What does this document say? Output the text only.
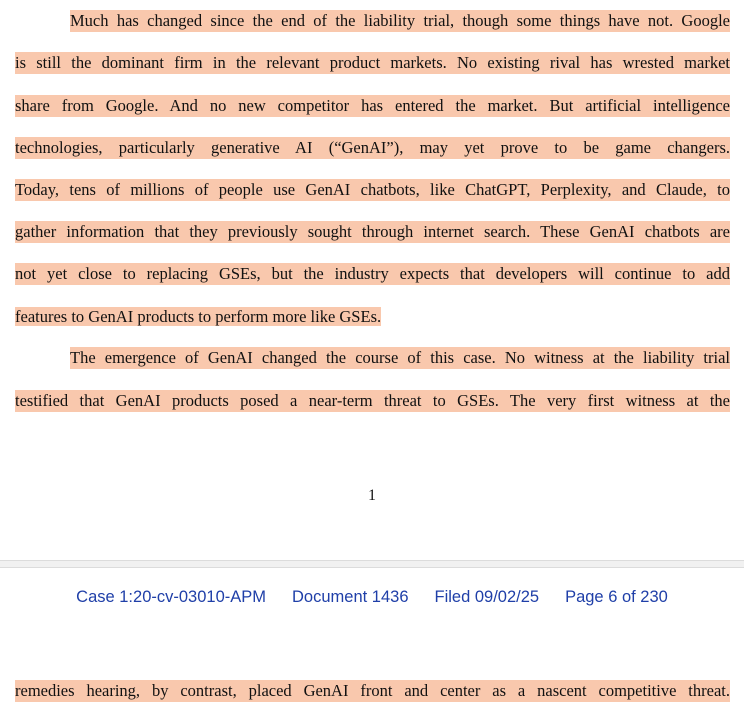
Much has changed since the end of the liability trial, though some things have not. Google
is still the dominant firm in the relevant product markets. No existing rival has wrested market
share from Google. And no new competitor has entered the market. But artificial intelligence
technologies, particularly generative AI (“GenAI”), may yet prove to be game changers.
Today, tens of millions of people use GenAI chatbots, like ChatGPT, Perplexity, and Claude, to
gather information that they previously sought through internet search. These GenAI chatbots are
not yet close to replacing GSEs, but the industry expects that developers will continue to add
features to GenAI products to perform more like GSEs.
The emergence of GenAI changed the course of this case. No witness at the liability trial
testified that GenAI products posed a near-term threat to GSEs. The very first witness at the
1
Case 1:20-cv-03010-APM Document 1436 Filed 09/02/25 Page 6 of 230
remedies hearing, by contrast, placed GenAI front and center as a nascent competitive threat.
